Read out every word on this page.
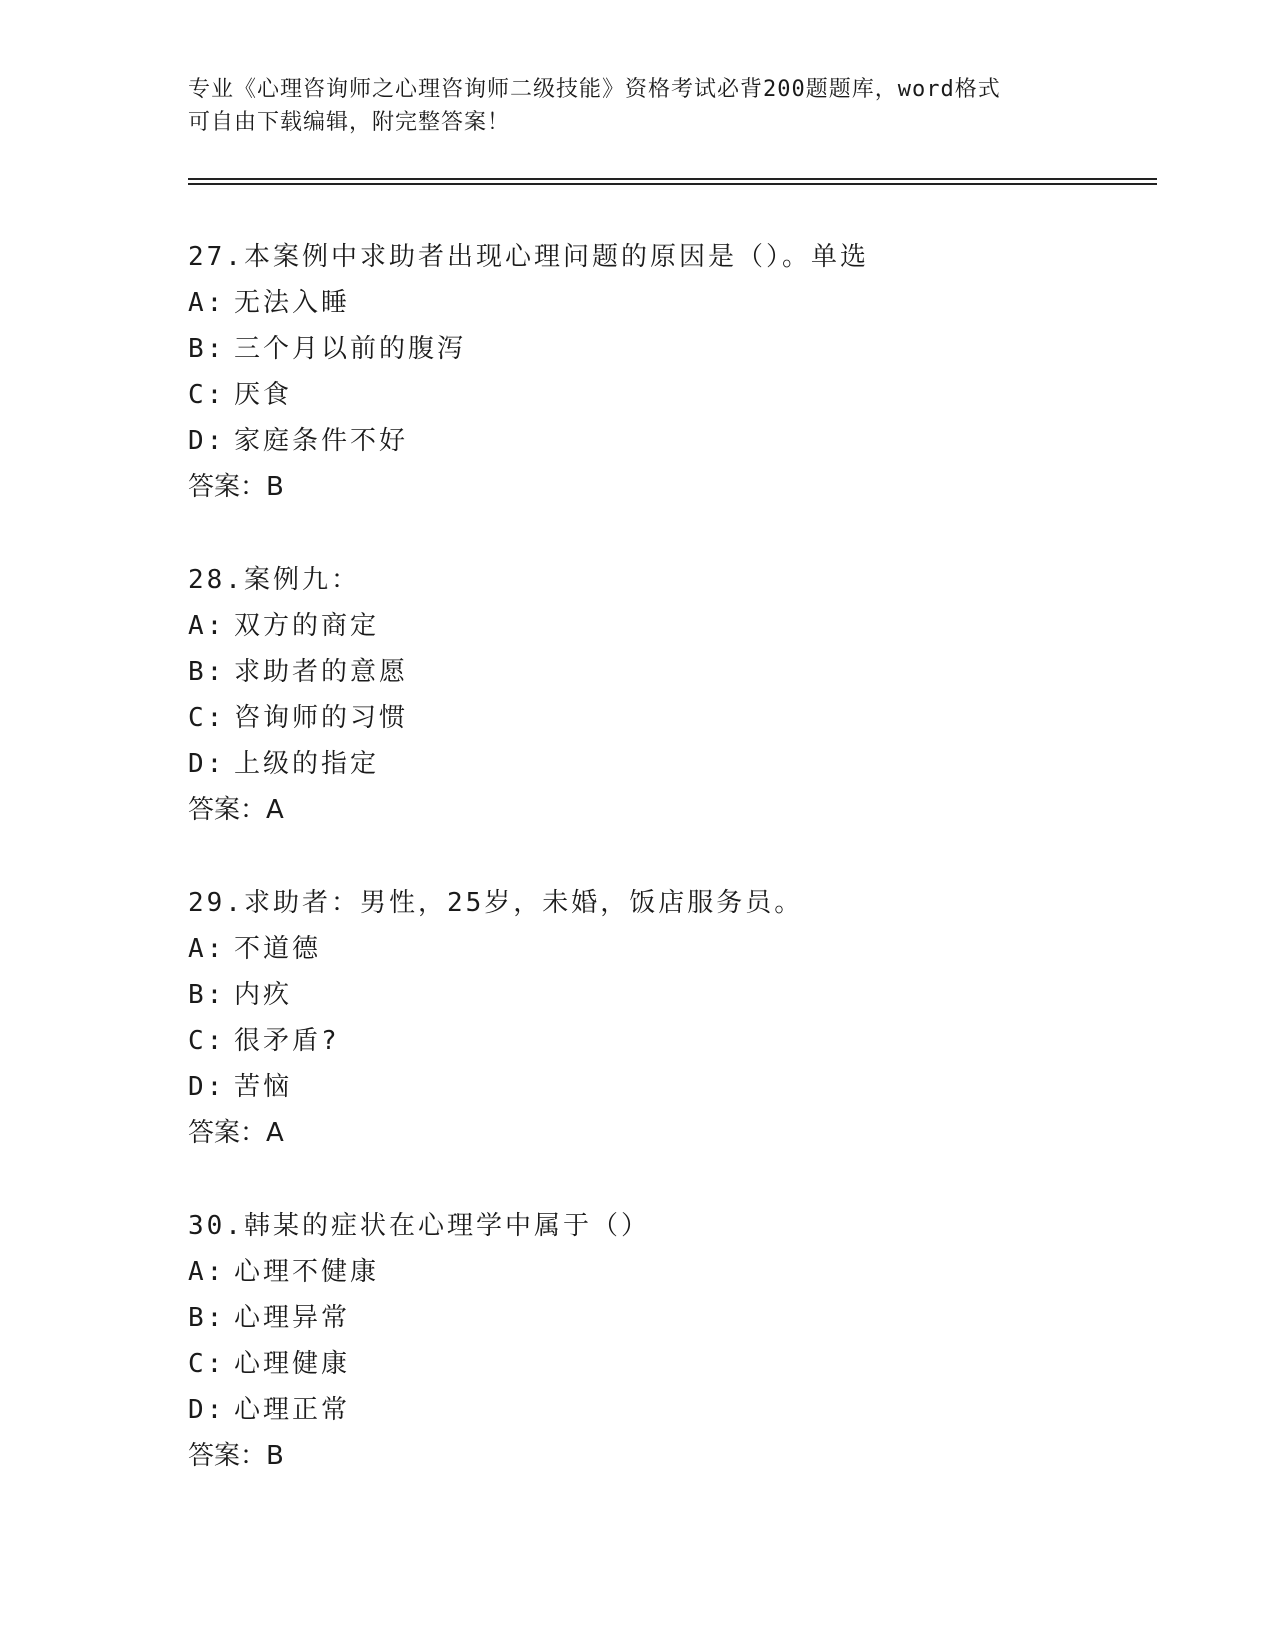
专业《心理咨询师之心理咨询师二级技能》资格考试必背200题题库，word格式
可自由下载编辑，附完整答案！
27.本案例中求助者出现心理问题的原因是（）。单选
A: 无法入睡
B: 三个月以前的腹泻
C: 厌食
D: 家庭条件不好
答案：B
28.案例九：
A: 双方的商定
B: 求助者的意愿
C: 咨询师的习惯
D: 上级的指定
答案：A
29.求助者：男性，25岁，未婚，饭店服务员。
A: 不道德
B: 内疚
C: 很矛盾?
D: 苦恼
答案：A
30.韩某的症状在心理学中属于（）
A: 心理不健康
B: 心理异常
C: 心理健康
D: 心理正常
答案：B
